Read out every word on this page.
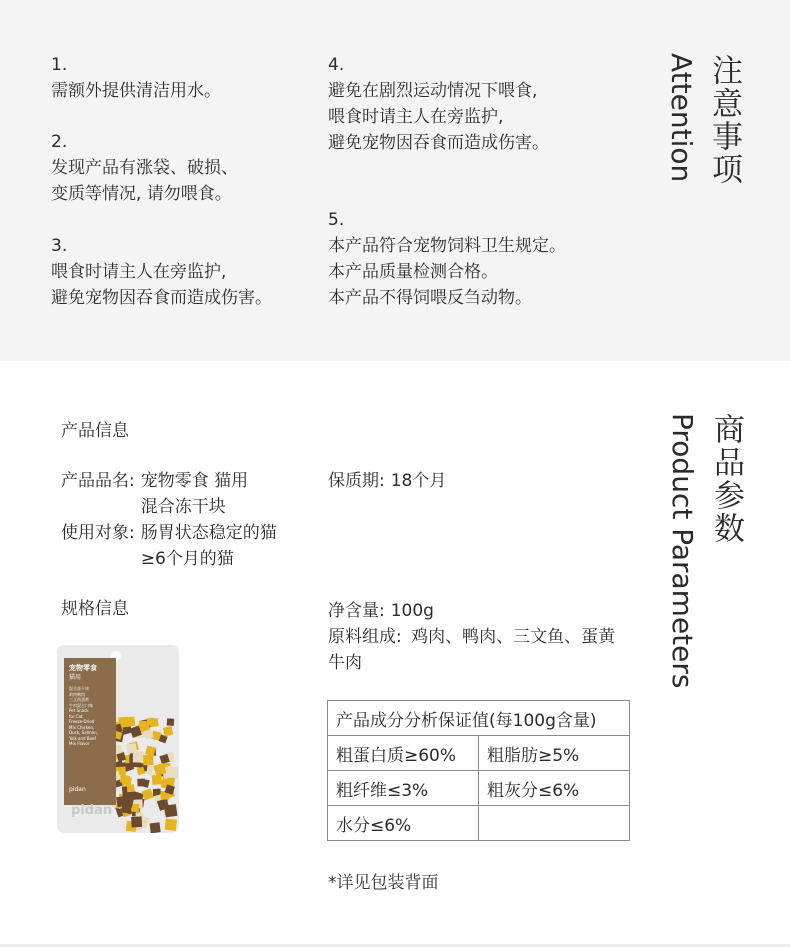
1.
需额外提供清洁用水。
2.
发现产品有涨袋、破损、
变质等情况, 请勿喂食。
3.
喂食时请主人在旁监护,
避免宠物因吞食而造成伤害。
4.
避免在剧烈运动情况下喂食,
喂食时请主人在旁监护,
避免宠物因吞食而造成伤害。
5.
本产品符合宠物饲料卫生规定。
本产品质量检测合格。
本产品不得饲喂反刍动物。
注意事项
Attention
商品参数
Product Parameters
产品信息
产品品名: 宠物零食 猫用
混合冻干块
使用对象: 肠胃状态稳定的猫
≥6个月的猫
保质期: 18个月
规格信息	净含量: 100g
原料组成: 鸡肉、鸭肉、三文鱼、蛋黄
牛肉
产品成分分析保证值(每100g含量)	
粗蛋白质≥60%	粗脂肪≥5%
粗纤维≤3%	粗灰分≤6%
水分≤6%	
*详见包装背面
宠物零食
猫用
混合冻干块
鸡肉鸭肉
三文鱼蛋黄
牛肉混合口味
Pet Snack
for Cat
Freeze-Dried
Mix Chicken,
Duck, Salmon,
Yolk and Beef
Mix Flavor
pidan
pidan
